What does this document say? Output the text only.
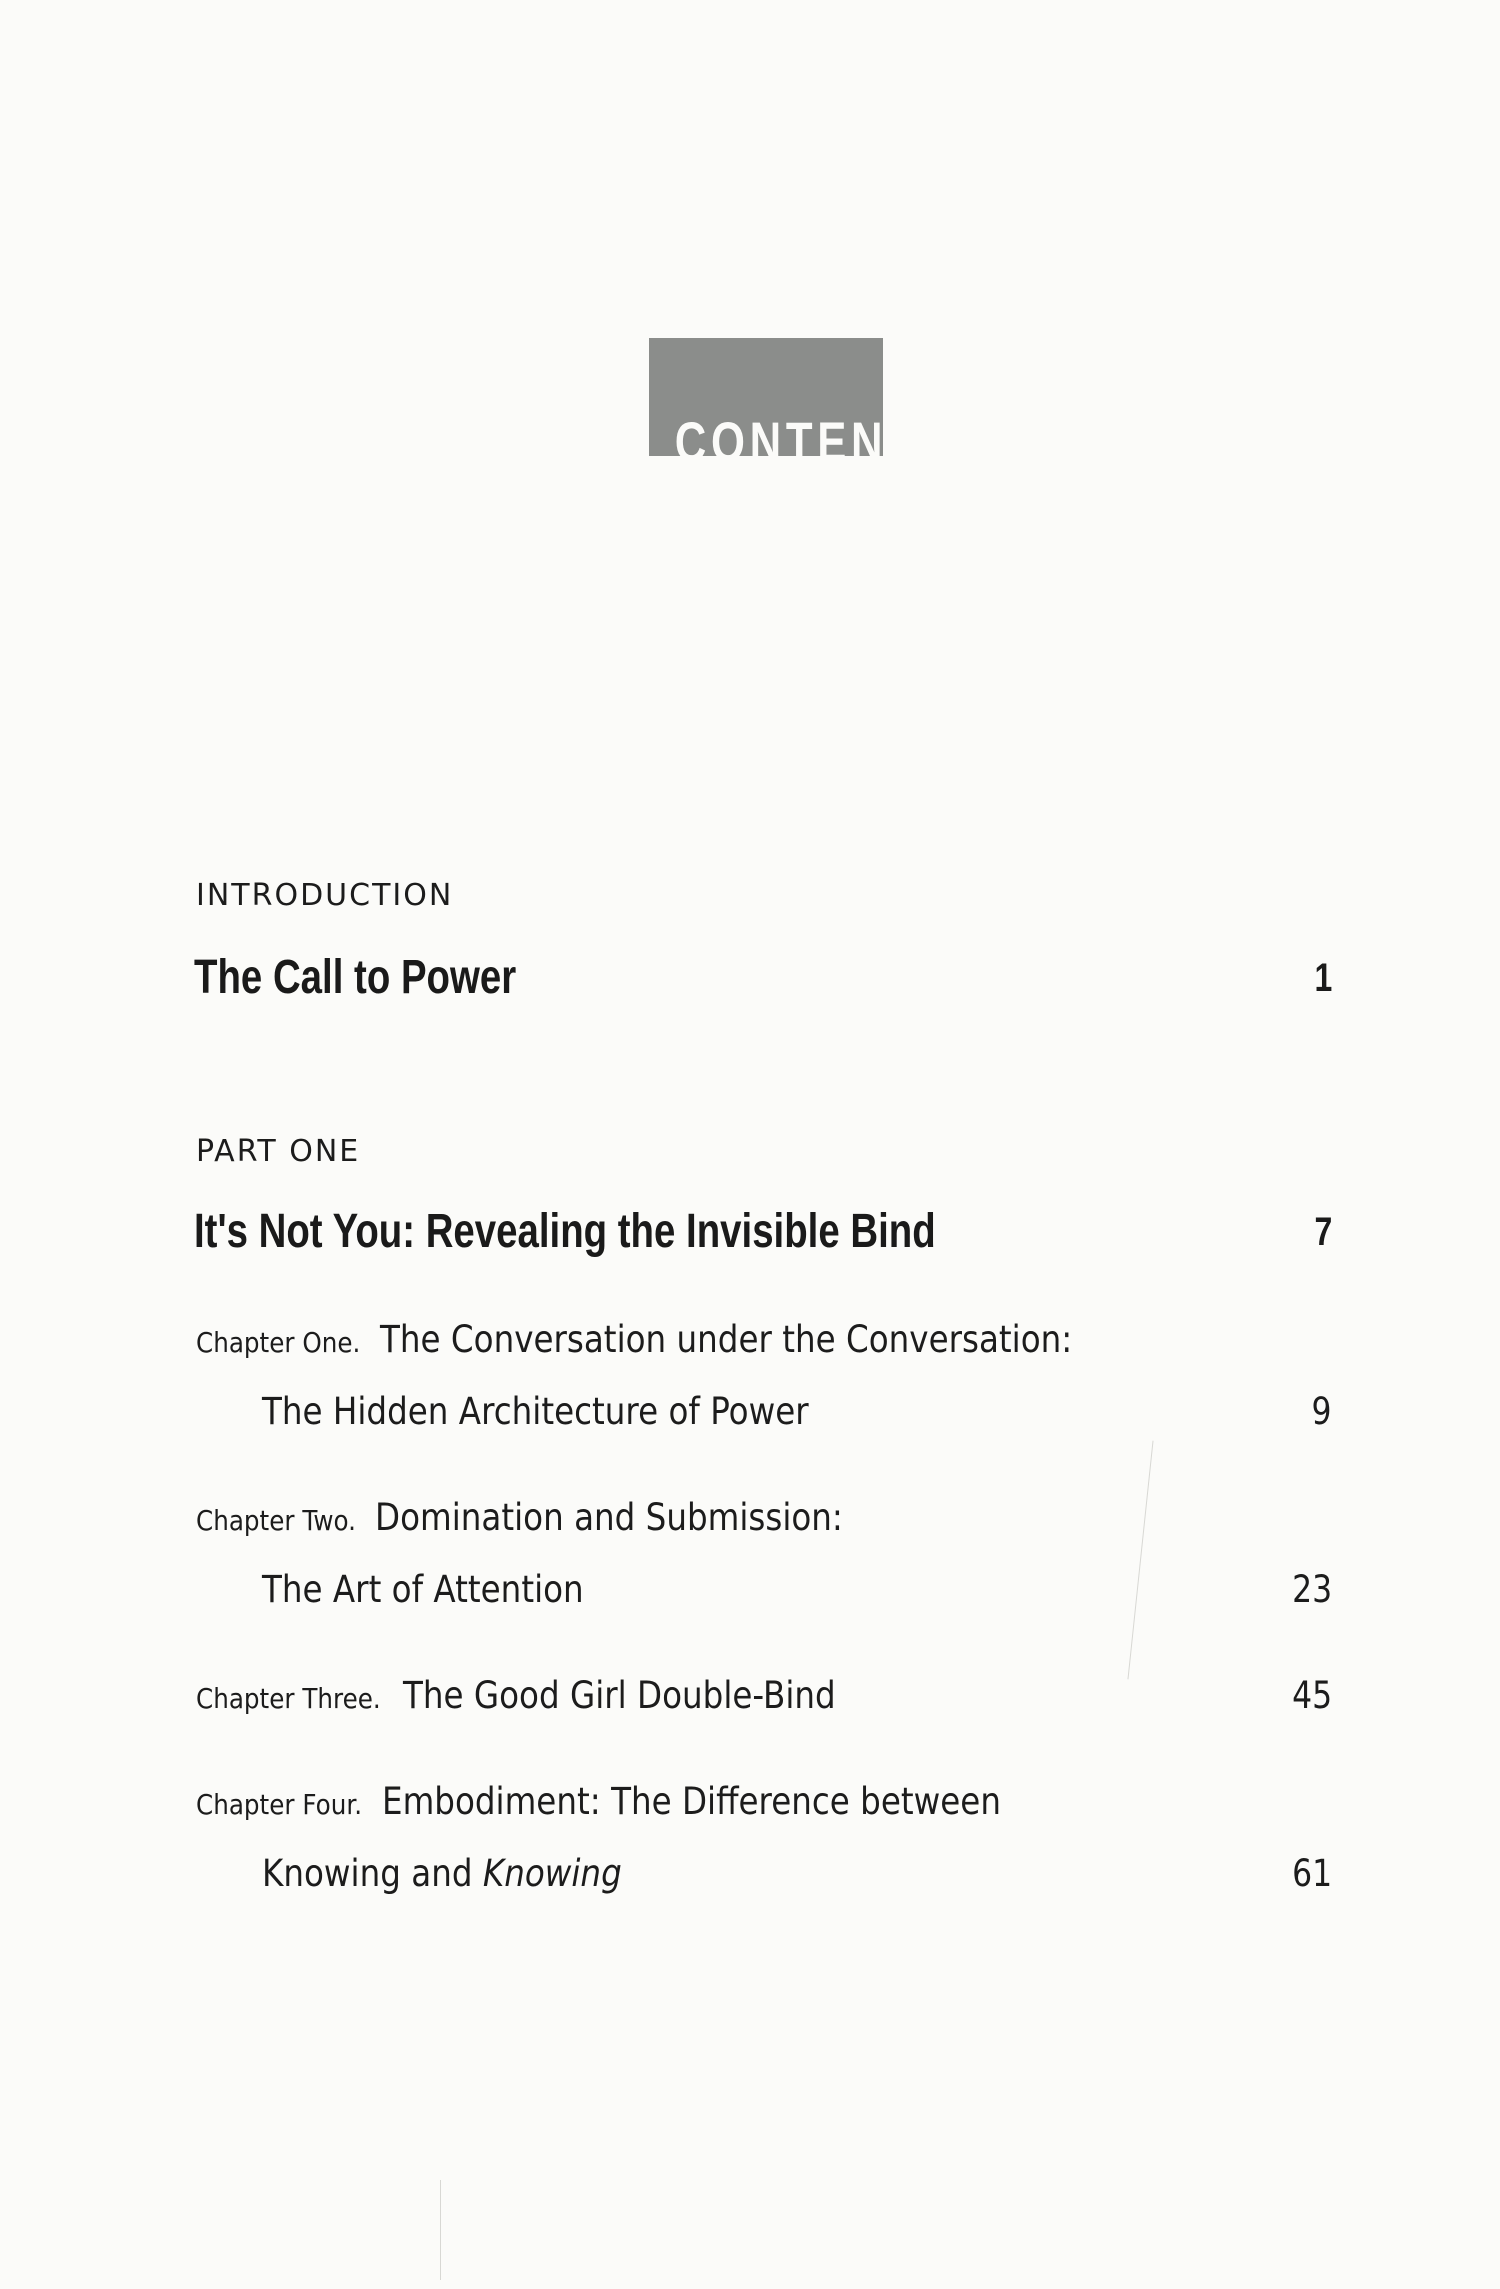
CONTENTS
INTRODUCTION
The Call to Power	1
PART ONE
It's Not You: Revealing the Invisible Bind	7
Chapter One. The Conversation under the Conversation:
The Hidden Architecture of Power	9
Chapter Two. Domination and Submission:
The Art of Attention	23
Chapter Three. The Good Girl Double-Bind	45
Chapter Four. Embodiment: The Difference between
Knowing and Knowing	61
